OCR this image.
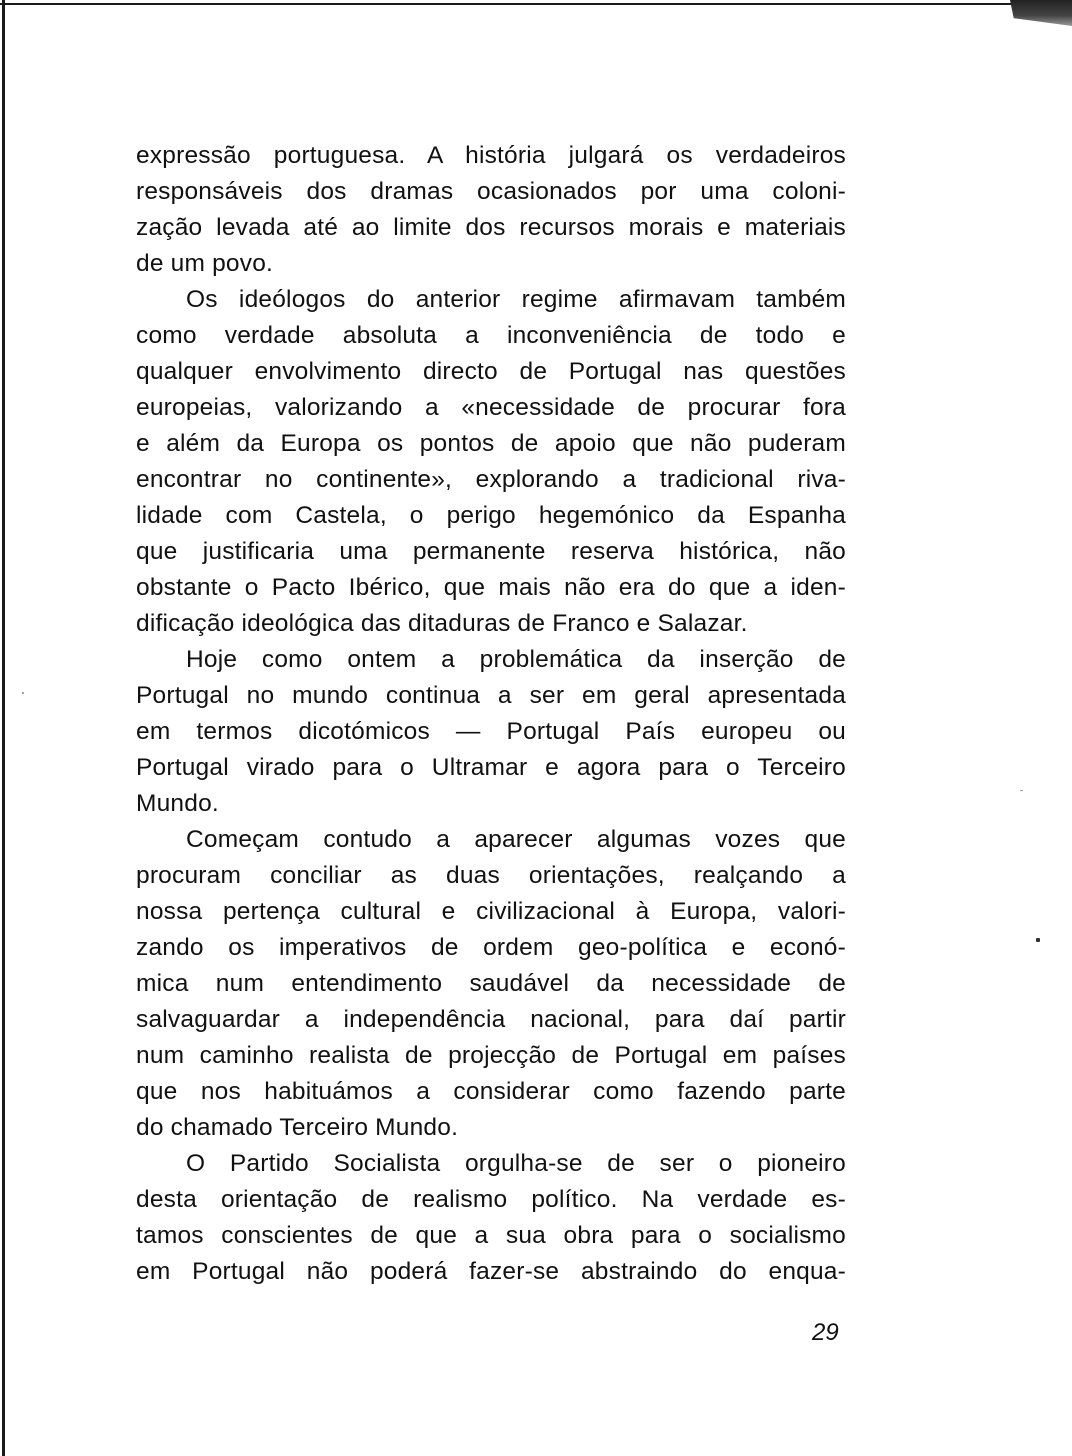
expressão portuguesa. A história julgará os verdadeiros
responsáveis dos dramas ocasionados por uma coloni-
zação levada até ao limite dos recursos morais e materiais
de um povo.
Os ideólogos do anterior regime afirmavam também
como verdade absoluta a inconveniência de todo e
qualquer envolvimento directo de Portugal nas questões
europeias, valorizando a «necessidade de procurar fora
e além da Europa os pontos de apoio que não puderam
encontrar no continente», explorando a tradicional riva-
lidade com Castela, o perigo hegemónico da Espanha
que justificaria uma permanente reserva histórica, não
obstante o Pacto Ibérico, que mais não era do que a iden-
dificação ideológica das ditaduras de Franco e Salazar.
Hoje como ontem a problemática da inserção de
Portugal no mundo continua a ser em geral apresentada
em termos dicotómicos — Portugal País europeu ou
Portugal virado para o Ultramar e agora para o Terceiro
Mundo.
Começam contudo a aparecer algumas vozes que
procuram conciliar as duas orientações, realçando a
nossa pertença cultural e civilizacional à Europa, valori-
zando os imperativos de ordem geo-política e econó-
mica num entendimento saudável da necessidade de
salvaguardar a independência nacional, para daí partir
num caminho realista de projecção de Portugal em países
que nos habituámos a considerar como fazendo parte
do chamado Terceiro Mundo.
O Partido Socialista orgulha-se de ser o pioneiro
desta orientação de realismo político. Na verdade es-
tamos conscientes de que a sua obra para o socialismo
em Portugal não poderá fazer-se abstraindo do enqua-
29
